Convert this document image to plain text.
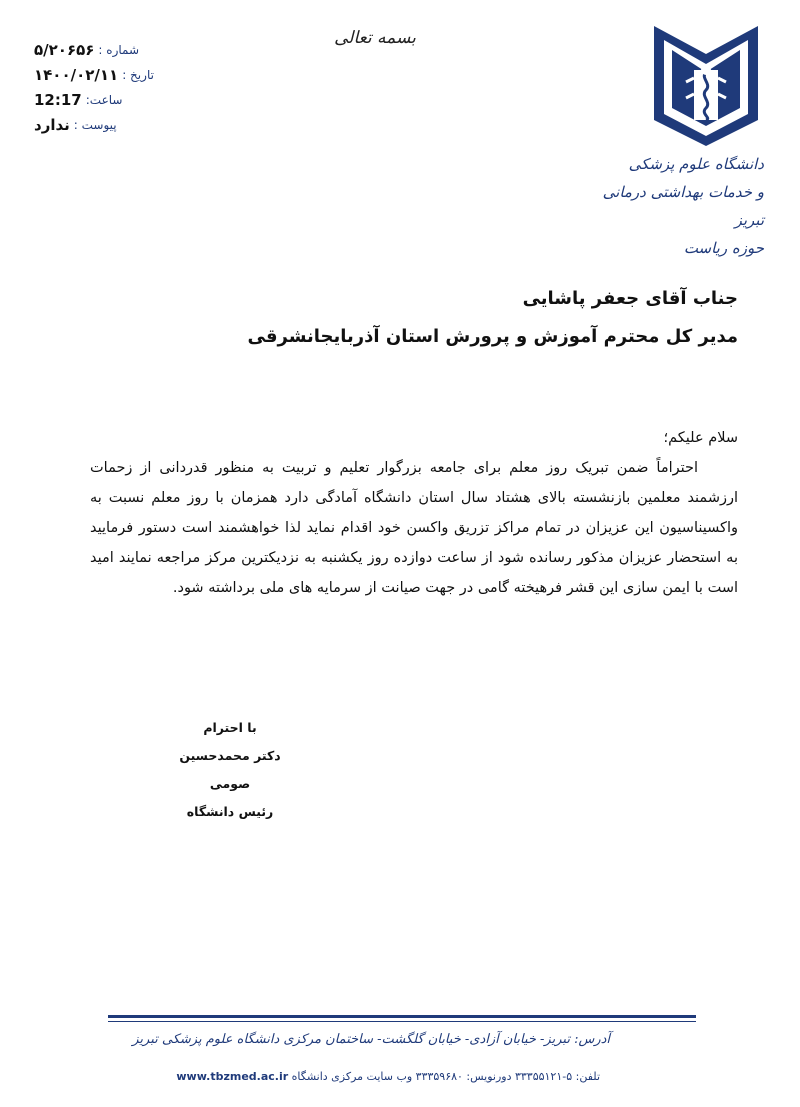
شماره :
۵/۲۰۶۵۶
تاریخ :
۱۴۰۰/۰۲/۱۱
ساعت:
12:17
پیوست :
ندارد
بسمه تعالی
دانشگاه علوم پزشکی
و خدمات بهداشتی درمانی تبریز
حوزه ریاست
جناب آقای جعفر پاشایی
مدیر کل محترم آموزش و پرورش استان آذربایجانشرقی
سلام علیکم؛

احتراماً ضمن تبریک روز معلم برای جامعه بزرگوار تعلیم و تربیت به منظور قدردانی از زحمات ارزشمند معلمین بازنشسته بالای هشتاد سال استان دانشگاه آمادگی دارد همزمان با روز معلم نسبت به واکسیناسیون این عزیزان در تمام مراکز تزریق واکسن خود اقدام نماید لذا خواهشمند است دستور فرمایید به استحضار عزیزان مذکور رسانده شود از ساعت دوازده روز یکشنبه به نزدیکترین مرکز مراجعه نمایند امید است با ایمن سازی این قشر فرهیخته گامی در جهت صیانت از سرمایه های ملی برداشته شود.

با احترام
دکتر محمدحسین صومی
رئیس دانشگاه
آدرس: تبریز- خیابان آزادی- خیابان گلگشت- ساختمان مرکزی دانشگاه علوم پزشکی تبریز
تلفن: ۵-۳۳۳۵۵۱۲۱ دورنویس: ۳۳۳۵۹۶۸۰ وب سایت مرکزی دانشگاه www.tbzmed.ac.ir
